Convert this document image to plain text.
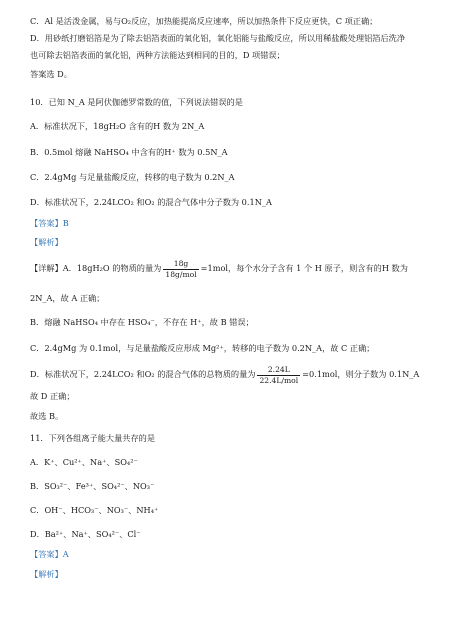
C．Al 是活泼金属，易与O₂反应，加热能提高反应速率，所以加热条件下反应更快，C 项正确；
D．用砂纸打磨铝箔是为了除去铝箔表面的氧化铝，氧化铝能与盐酸反应，所以用稀盐酸处理铝箔后洗净
也可除去铝箔表面的氧化铝，两种方法能达到相同的目的，D 项错误；
答案选 D。
10．已知 N_A 是阿伏伽德罗常数的值，下列说法错误的是
A．标准状况下，18gH₂O 含有的H 数为 2N_A
B．0.5mol 熔融 NaHSO₄ 中含有的H⁺ 数为 0.5N_A
C．2.4gMg 与足量盐酸反应，转移的电子数为 0.2N_A
D．标准状况下，2.24LCO₂ 和O₂ 的混合气体中分子数为 0.1N_A
【答案】B
【解析】
【详解】A．18gH₂O 的物质的量为 $\frac{18g}{\text{18g/mol}} =1mol$，每个水分子含有 1 个 H 原子，则含有的H 数为
2N_A，故 A 正确；
B．熔融 NaHSO₄ 中存在 HSO₄⁻，不存在 H⁺，故 B 错误；
C．2.4gMg 为 0.1mol，与足量盐酸反应形成 Mg²⁺，转移的电子数为 0.2N_A，故 C 正确；
D．标准状况下，2.24LCO₂ 和O₂ 的混合气体的总物质的量为 $\frac{2.24L}{\text{22.4L/mol}} =0.1mol$，则分子数为 0.1N_A
故 D 正确；
故选 B。
11．下列各组离子能大量共存的是
A．K⁺、Cu²⁺、Na⁺、SO₄²⁻
B．SO₃²⁻、Fe³⁺、SO₄²⁻、NO₃⁻
C．OH⁻、HCO₃⁻、NO₃⁻、NH₄⁺
D．Ba²⁺、Na⁺、SO₄²⁻、Cl⁻
【答案】A
【解析】
